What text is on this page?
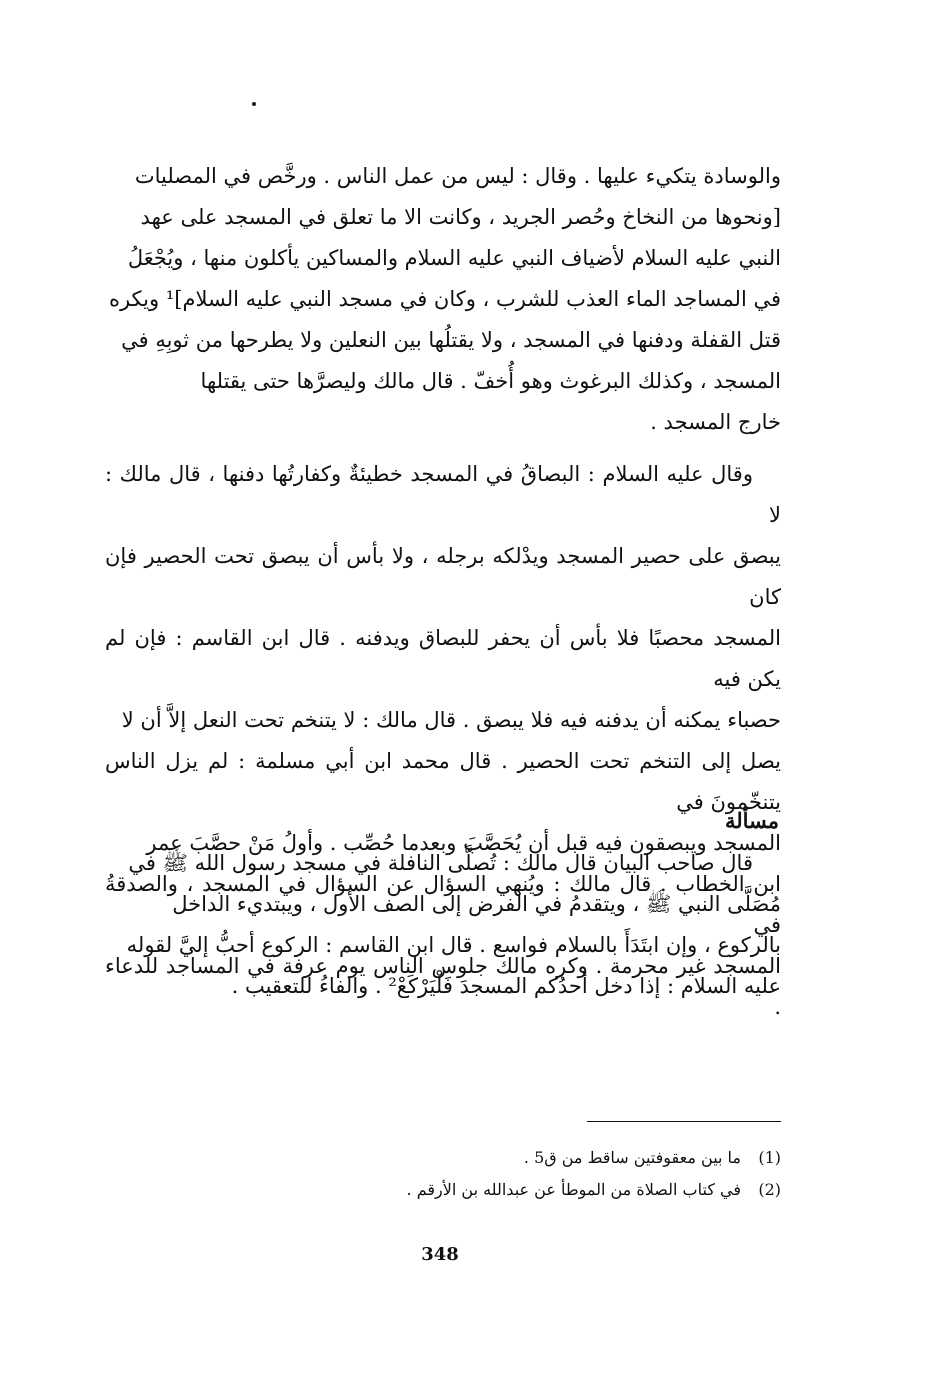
والوسادة يتكيء عليها . وقال : ليس من عمل الناس . ورخَّص في المصليات
[ونحوها من النخاخ وحُصر الجريد ، وكانت الا ما تعلق في المسجد على عهد
النبي عليه السلام لأضياف النبي عليه السلام والمساكين يأكلون منها ، ويُجْعَلُ
في المساجد الماء العذب للشرب ، وكان في مسجد النبي عليه السلام]¹ ويكره
قتل القفلة ودفنها في المسجد ، ولا يقتلُها بين النعلين ولا يطرحها من ثوبِهِ في
المسجد ، وكذلك البرغوث وهو أُخفّ . قال مالك وليصرَّها حتى يقتلها
خارج المسجد .
وقال عليه السلام : البصاقُ في المسجد خطيئةٌ وكفارتُها دفنها ، قال مالك : لا
يبصق على حصير المسجد ويدْلكه برجله ، ولا بأس أن يبصق تحت الحصير فإن كان
المسجد محصبًا فلا بأس أن يحفر للبصاق ويدفنه . قال ابن القاسم : فإن لم يكن فيه
حصباء يمكنه أن يدفنه فيه فلا يبصق . قال مالك : لا يتنخم تحت النعل إلاَّ أن لا
يصل إلى التنخم تحت الحصير . قال محمد ابن أبي مسلمة : لم يزل الناس يتنخّمونَ في
المسجد ويبصقون فيه قبل أن يُحَصَّبَ وبعدما حُصِّب . وأولُ مَنْ حصَّبَ عمر
ابن الخطاب . قال مالك : ويُنهي السؤال عن السؤال في المسجد ، والصدقةُ في
المسجد غير محرمة . وكره مالك جلوس الناس يوم عرفة في المساجد للدعاء .
مسألة
قال صاحب البيان قال مالك : تُصلَّى النافلة في مسجد رسول الله ﷺ في
مُصَلَّى النبي ﷺ ، ويتقدمُ في الفرض إلى الصف الأول ، ويبتديء الداخل
بالركوع ، وإن ابتَدَأَ بالسلام فواسع . قال ابن القاسم : الركوع أحبُّ إليَّ لقوله
عليه السلام : إذا دخل أحدُكم المسجدَ فَلْيَرْكَعْ² . والفاءُ للتعقيب .
(1)ما بين معقوفتين ساقط من ق5 .
(2)في كتاب الصلاة من الموطأ عن عبدالله بن الأرقم .
348
